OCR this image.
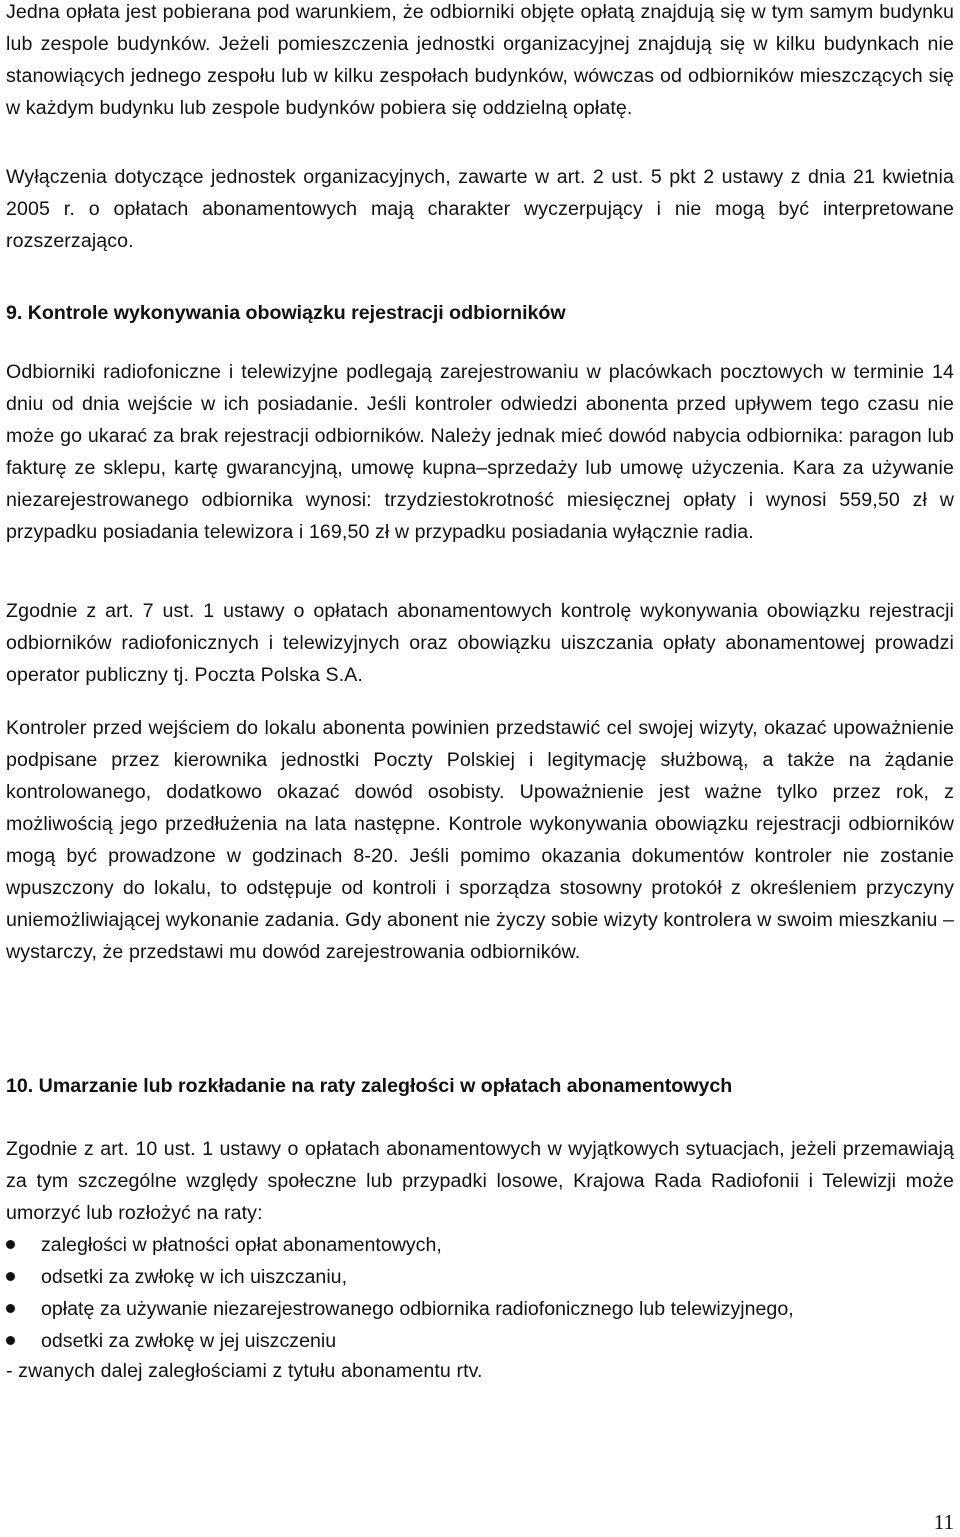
Jedna opłata jest pobierana pod warunkiem, że odbiorniki objęte opłatą znajdują się w tym samym budynku lub zespole budynków. Jeżeli pomieszczenia jednostki organizacyjnej znajdują się w kilku budynkach nie stanowiących jednego zespołu lub w kilku zespołach budynków, wówczas od odbiorników mieszczących się w każdym budynku lub zespole budynków pobiera się oddzielną opłatę.

Wyłączenia dotyczące jednostek organizacyjnych, zawarte w art. 2 ust. 5 pkt 2 ustawy z dnia 21 kwietnia 2005 r. o opłatach abonamentowych mają charakter wyczerpujący i nie mogą być interpretowane rozszerzająco.

9. Kontrole wykonywania obowiązku rejestracji odbiorników

Odbiorniki radiofoniczne i telewizyjne podlegają zarejestrowaniu w placówkach pocztowych w terminie 14 dniu od dnia wejście w ich posiadanie. Jeśli kontroler odwiedzi abonenta przed upływem tego czasu nie może go ukarać za brak rejestracji odbiorników. Należy jednak mieć dowód nabycia odbiornika: paragon lub fakturę ze sklepu, kartę gwarancyjną, umowę kupna–sprzedaży lub umowę użyczenia. Kara za używanie niezarejestrowanego odbiornika wynosi: trzydziestokrotność miesięcznej opłaty i wynosi 559,50 zł w przypadku posiadania telewizora i 169,50 zł w przypadku posiadania wyłącznie radia.

Zgodnie z art. 7 ust. 1 ustawy o opłatach abonamentowych kontrolę wykonywania obowiązku rejestracji odbiorników radiofonicznych i telewizyjnych oraz obowiązku uiszczania opłaty abonamentowej prowadzi operator publiczny tj. Poczta Polska S.A.

Kontroler przed wejściem do lokalu abonenta powinien przedstawić cel swojej wizyty, okazać upoważnienie podpisane przez kierownika jednostki Poczty Polskiej i legitymację służbową, a także na żądanie kontrolowanego, dodatkowo okazać dowód osobisty. Upoważnienie jest ważne tylko przez rok, z możliwością jego przedłużenia na lata następne. Kontrole wykonywania obowiązku rejestracji odbiorników mogą być prowadzone w godzinach 8-20. Jeśli pomimo okazania dokumentów kontroler nie zostanie wpuszczony do lokalu, to odstępuje od kontroli i sporządza stosowny protokół z określeniem przyczyny uniemożliwiającej wykonanie zadania. Gdy abonent nie życzy sobie wizyty kontrolera w swoim mieszkaniu – wystarczy, że przedstawi mu dowód zarejestrowania odbiorników.

10. Umarzanie lub rozkładanie na raty zaległości w opłatach abonamentowych

Zgodnie z art. 10 ust. 1 ustawy o opłatach abonamentowych w wyjątkowych sytuacjach, jeżeli przemawiają za tym szczególne względy społeczne lub przypadki losowe, Krajowa Rada Radiofonii i Telewizji może umorzyć lub rozłożyć na raty:

zaległości w płatności opłat abonamentowych,
odsetki za zwłokę w ich uiszczaniu,
opłatę za używanie niezarejestrowanego odbiornika radiofonicznego lub telewizyjnego,
odsetki za zwłokę w jej uiszczeniu

- zwanych dalej zaległościami z tytułu abonamentu rtv.

11
